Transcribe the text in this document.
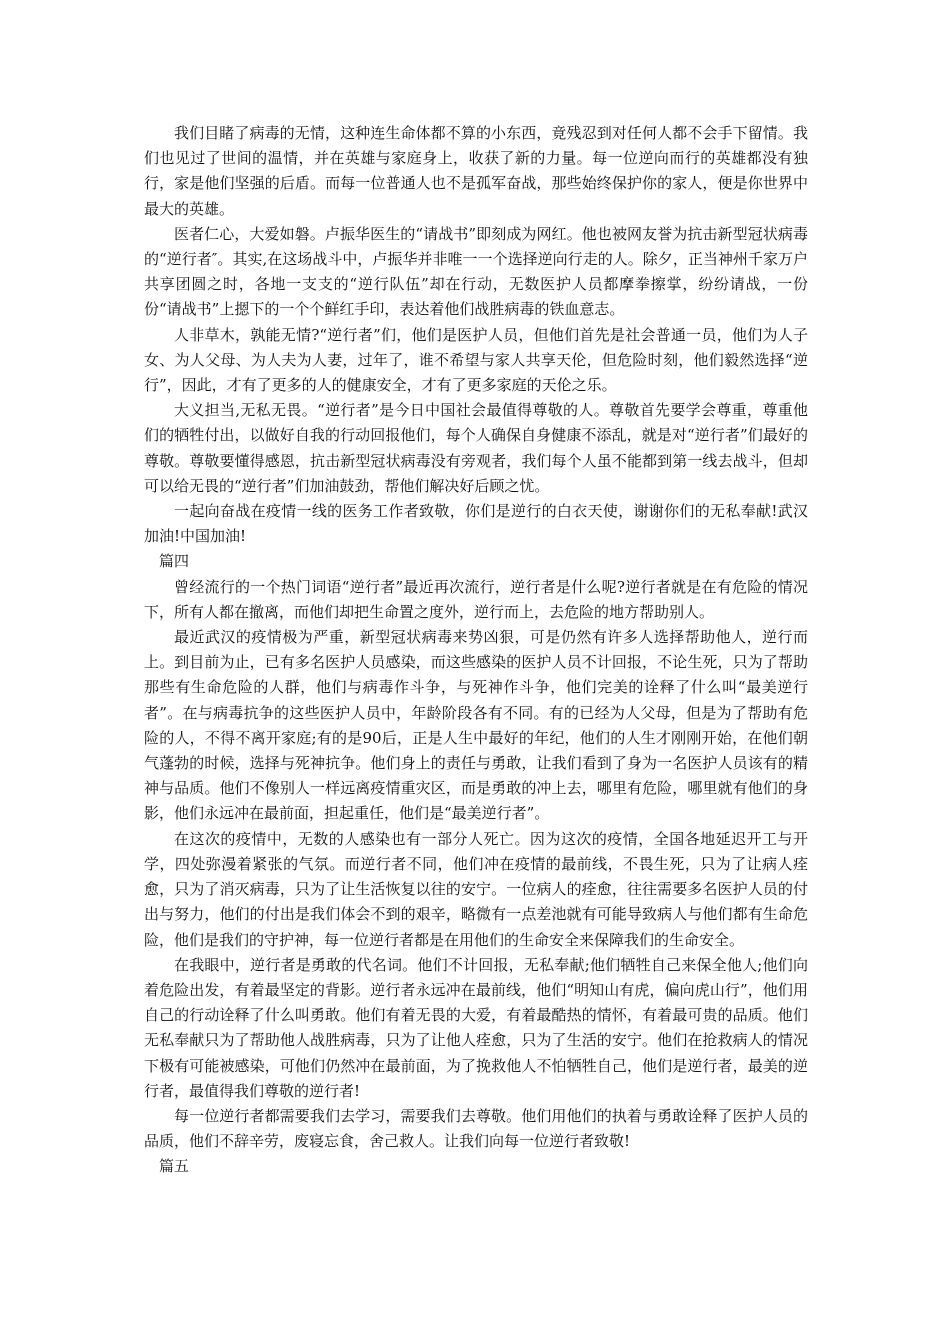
我们目睹了病毒的无情，这种连生命体都不算的小东西，竟残忍到对任何人都不会手下留情。我们也见过了世间的温情，并在英雄与家庭身上，收获了新的力量。每一位逆向而行的英雄都没有独行，家是他们坚强的后盾。而每一位普通人也不是孤军奋战，那些始终保护你的家人，便是你世界中最大的英雄。

医者仁心，大爱如磐。卢振华医生的“请战书”即刻成为网红。他也被网友誉为抗击新型冠状病毒的“逆行者″。其实,在这场战斗中，卢振华并非唯一一个选择逆向行走的人。除夕，正当神州千家万户共享团圆之时，各地一支支的“逆行队伍”却在行动，无数医护人员都摩拳擦掌，纷纷请战，一份份“请战书”上摁下的一个个鲜红手印，表达着他们战胜病毒的铁血意志。

人非草木，孰能无情?“逆行者”们，他们是医护人员，但他们首先是社会普通一员，他们为人子女、为人父母、为人夫为人妻，过年了，谁不希望与家人共享天伦，但危险时刻，他们毅然选择“逆行”，因此，才有了更多的人的健康安全，才有了更多家庭的天伦之乐。

大义担当,无私无畏。“逆行者”是今日中国社会最值得尊敬的人。尊敬首先要学会尊重，尊重他们的牺牲付出，以做好自我的行动回报他们，每个人确保自身健康不添乱，就是对“逆行者”们最好的尊敬。尊敬要懂得感恩，抗击新型冠状病毒没有旁观者，我们每个人虽不能都到第一线去战斗，但却可以给无畏的“逆行者”们加油鼓劲，帮他们解决好后顾之忧。

一起向奋战在疫情一线的医务工作者致敬，你们是逆行的白衣天使，谢谢你们的无私奉献!武汉加油!中国加油!

篇四

曾经流行的一个热门词语“逆行者”最近再次流行，逆行者是什么呢?逆行者就是在有危险的情况下，所有人都在撤离，而他们却把生命置之度外，逆行而上，去危险的地方帮助别人。

最近武汉的疫情极为严重，新型冠状病毒来势凶狠，可是仍然有许多人选择帮助他人，逆行而上。到目前为止，已有多名医护人员感染，而这些感染的医护人员不计回报，不论生死，只为了帮助那些有生命危险的人群，他们与病毒作斗争，与死神作斗争，他们完美的诠释了什么叫“最美逆行者”。在与病毒抗争的这些医护人员中，年龄阶段各有不同。有的已经为人父母，但是为了帮助有危险的人，不得不离开家庭;有的是90后，正是人生中最好的年纪，他们的人生才刚刚开始，在他们朝气蓬勃的时候，选择与死神抗争。他们身上的责任与勇敢，让我们看到了身为一名医护人员该有的精神与品质。他们不像别人一样远离疫情重灾区，而是勇敢的冲上去，哪里有危险，哪里就有他们的身影，他们永远冲在最前面，担起重任，他们是“最美逆行者”。

在这次的疫情中，无数的人感染也有一部分人死亡。因为这次的疫情，全国各地延迟开工与开学，四处弥漫着紧张的气氛。而逆行者不同，他们冲在疫情的最前线，不畏生死，只为了让病人痊愈，只为了消灭病毒，只为了让生活恢复以往的安宁。一位病人的痊愈，往往需要多名医护人员的付出与努力，他们的付出是我们体会不到的艰辛，略微有一点差池就有可能导致病人与他们都有生命危险，他们是我们的守护神，每一位逆行者都是在用他们的生命安全来保障我们的生命安全。

在我眼中，逆行者是勇敢的代名词。他们不计回报，无私奉献;他们牺牲自己来保全他人;他们向着危险出发，有着最坚定的背影。逆行者永远冲在最前线，他们“明知山有虎，偏向虎山行”，他们用自己的行动诠释了什么叫勇敢。他们有着无畏的大爱，有着最酷热的情怀，有着最可贵的品质。他们无私奉献只为了帮助他人战胜病毒，只为了让他人痊愈，只为了生活的安宁。他们在抢救病人的情况下极有可能被感染，可他们仍然冲在最前面，为了挽救他人不怕牺牲自己，他们是逆行者，最美的逆行者，最值得我们尊敬的逆行者!

每一位逆行者都需要我们去学习，需要我们去尊敬。他们用他们的执着与勇敢诠释了医护人员的品质，他们不辞辛劳，废寝忘食，舍己救人。让我们向每一位逆行者致敬!

篇五
